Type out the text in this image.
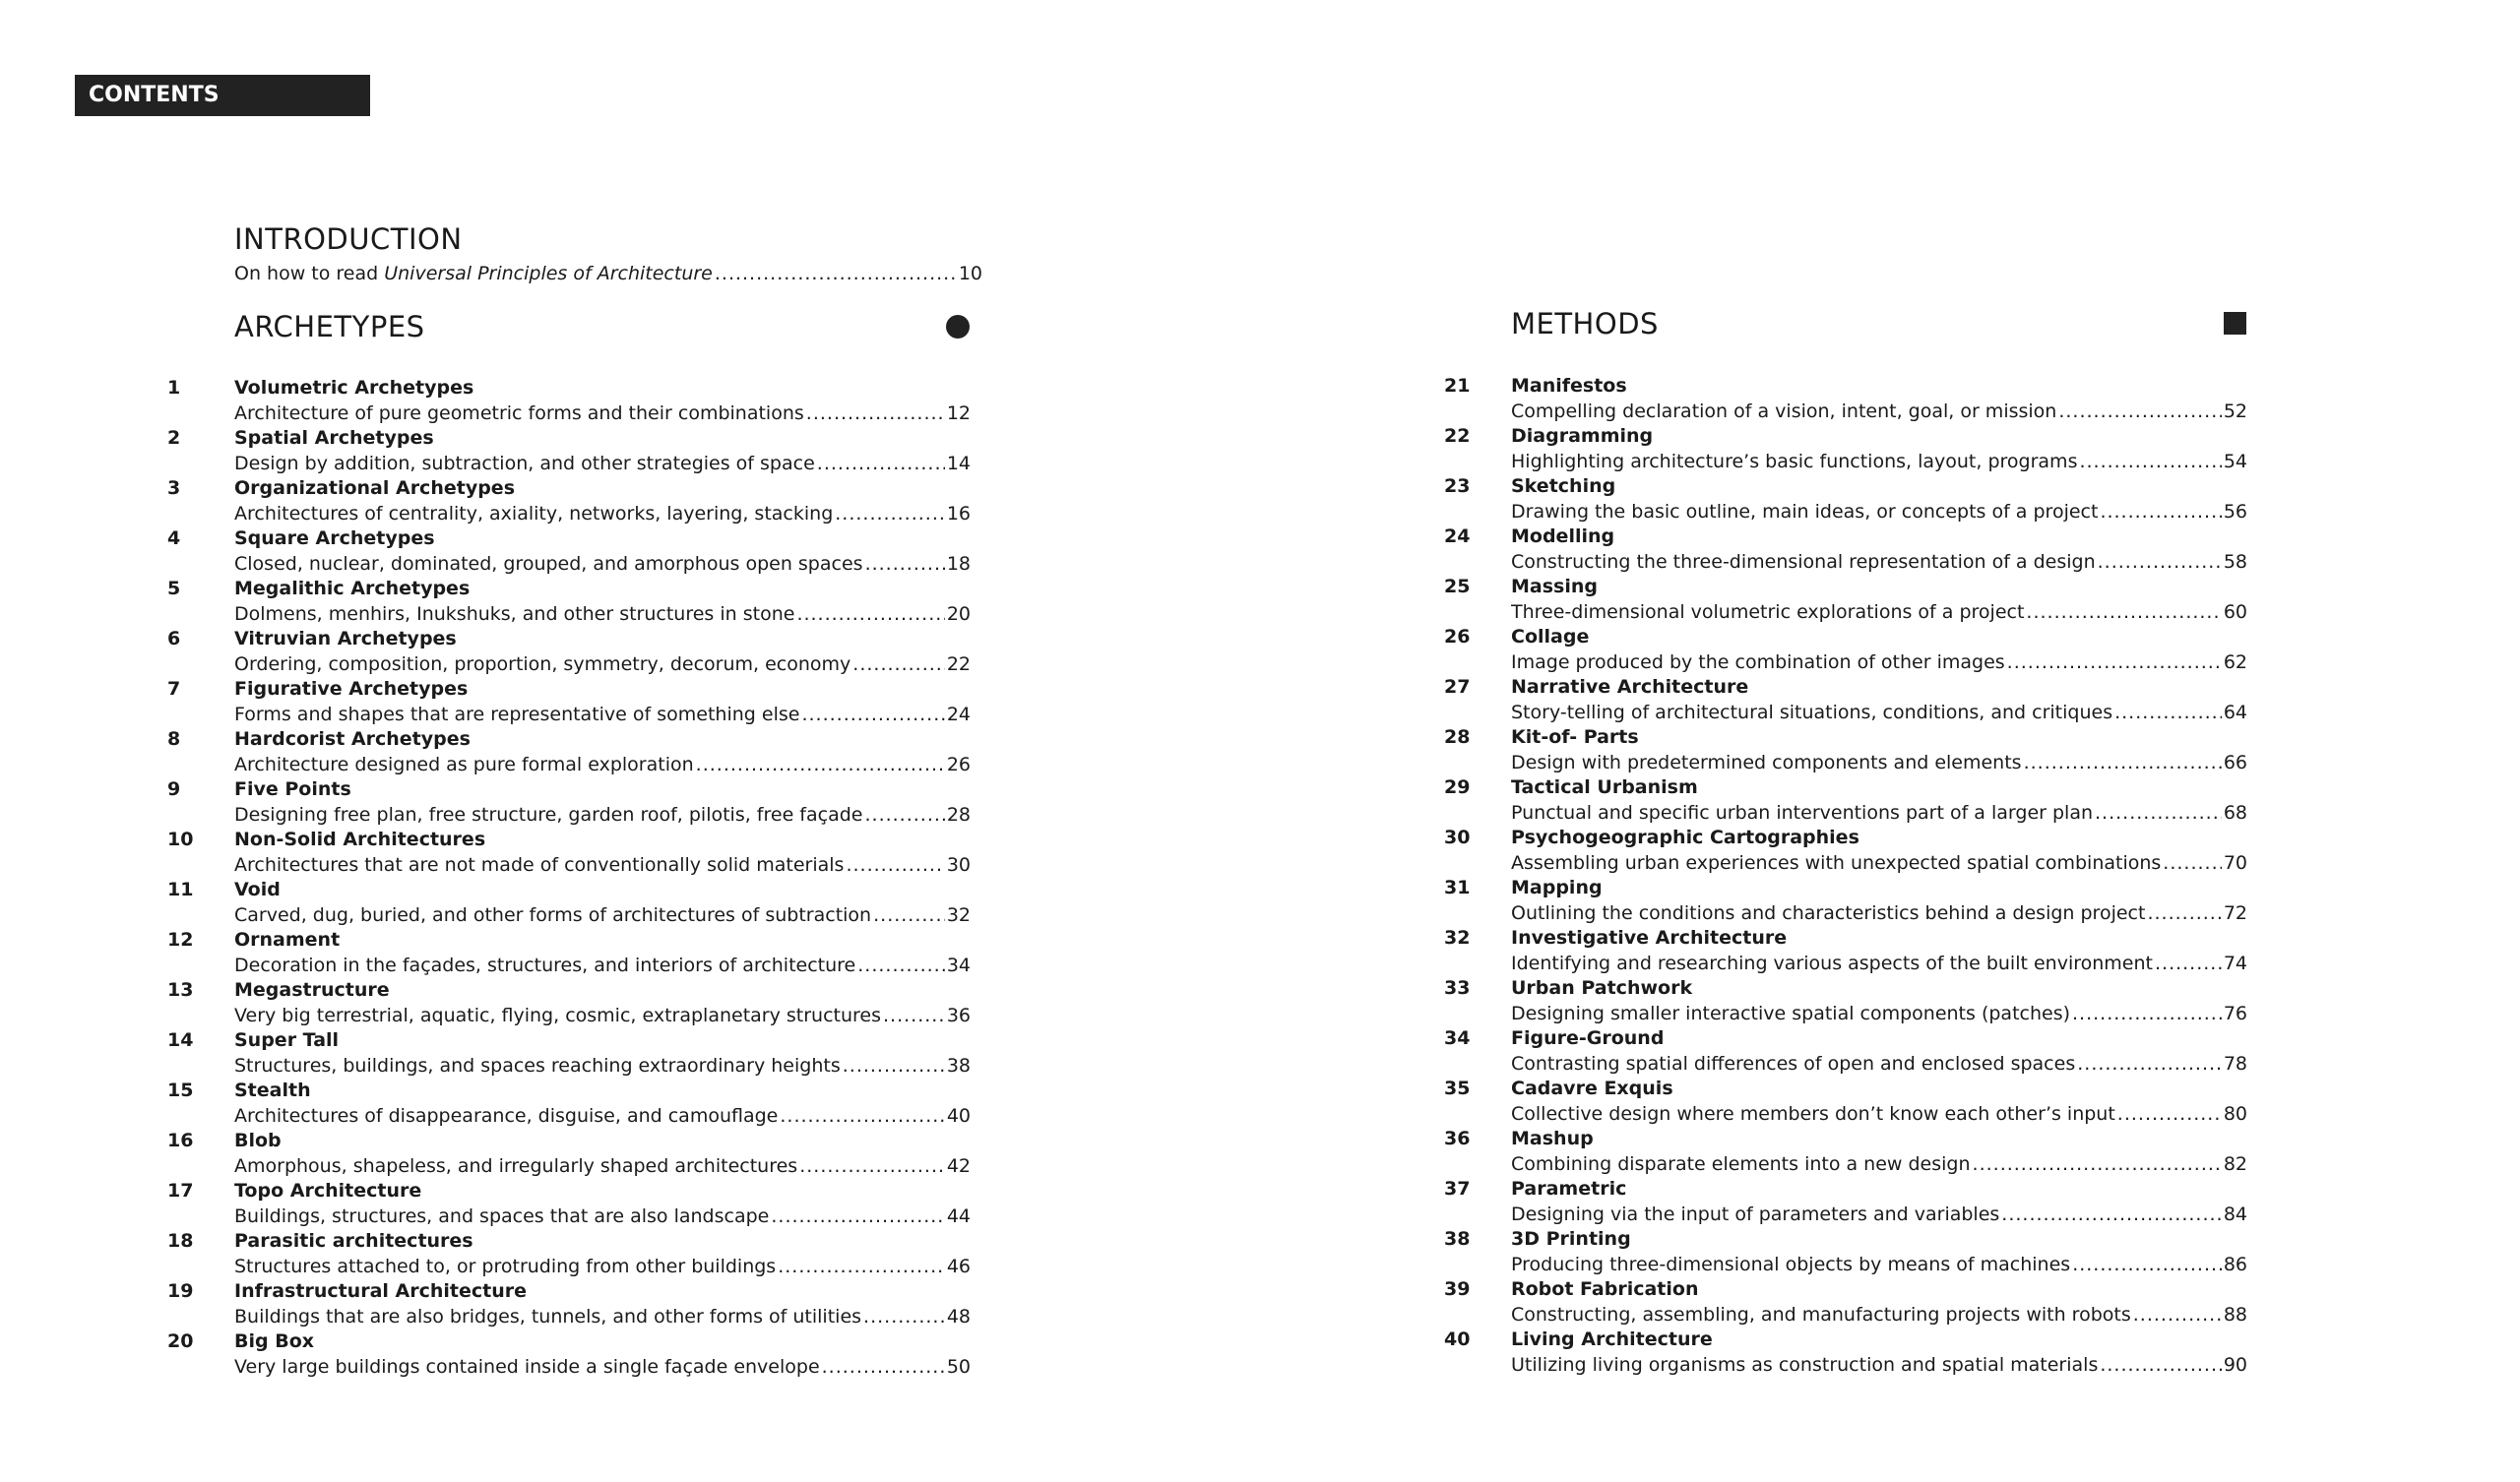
CONTENTS
INTRODUCTION
On how to read Universal Principles of Architecture .....	10
ARCHETYPES
1	Volumetric Archetypes
Architecture of pure geometric forms and their combinations .....	12
2	Spatial Archetypes
Design by addition, subtraction, and other strategies of space .....	14
3	Organizational Archetypes
Architectures of centrality, axiality, networks, layering, stacking .....	16
4	Square Archetypes
Closed, nuclear, dominated, grouped, and amorphous open spaces .....	18
5	Megalithic Archetypes
Dolmens, menhirs, Inukshuks, and other structures in stone .....	20
6	Vitruvian Archetypes
Ordering, composition, proportion, symmetry, decorum, economy .....	22
7	Figurative Archetypes
Forms and shapes that are representative of something else .....	24
8	Hardcorist Archetypes
Architecture designed as pure formal exploration .....	26
9	Five Points
Designing free plan, free structure, garden roof, pilotis, free façade .....	28
10	Non-Solid Architectures
Architectures that are not made of conventionally solid materials .....	30
11	Void
Carved, dug, buried, and other forms of architectures of subtraction .....	32
12	Ornament
Decoration in the façades, structures, and interiors of architecture .....	34
13	Megastructure
Very big terrestrial, aquatic, flying, cosmic, extraplanetary structures .....	36
14	Super Tall
Structures, buildings, and spaces reaching extraordinary heights .....	38
15	Stealth
Architectures of disappearance, disguise, and camouflage .....	40
16	Blob
Amorphous, shapeless, and irregularly shaped architectures .....	42
17	Topo Architecture
Buildings, structures, and spaces that are also landscape .....	44
18	Parasitic architectures
Structures attached to, or protruding from other buildings .....	46
19	Infrastructural Architecture
Buildings that are also bridges, tunnels, and other forms of utilities .....	48
20	Big Box
Very large buildings contained inside a single façade envelope .....	50
METHODS
21	Manifestos
Compelling declaration of a vision, intent, goal, or mission .....	52
22	Diagramming
Highlighting architecture’s basic functions, layout, programs .....	54
23	Sketching
Drawing the basic outline, main ideas, or concepts of a project .....	56
24	Modelling
Constructing the three-dimensional representation of a design .....	58
25	Massing
Three-dimensional volumetric explorations of a project .....	60
26	Collage
Image produced by the combination of other images .....	62
27	Narrative Architecture
Story-telling of architectural situations, conditions, and critiques .....	64
28	Kit-of- Parts
Design with predetermined components and elements .....	66
29	Tactical Urbanism
Punctual and specific urban interventions part of a larger plan .....	68
30	Psychogeographic Cartographies
Assembling urban experiences with unexpected spatial combinations .....	70
31	Mapping
Outlining the conditions and characteristics behind a design project .....	72
32	Investigative Architecture
Identifying and researching various aspects of the built environment .....	74
33	Urban Patchwork
Designing smaller interactive spatial components (patches) .....	76
34	Figure-Ground
Contrasting spatial differences of open and enclosed spaces .....	78
35	Cadavre Exquis
Collective design where members don’t know each other’s input .....	80
36	Mashup
Combining disparate elements into a new design .....	82
37	Parametric
Designing via the input of parameters and variables .....	84
38	3D Printing
Producing three-dimensional objects by means of machines .....	86
39	Robot Fabrication
Constructing, assembling, and manufacturing projects with robots .....	88
40	Living Architecture
Utilizing living organisms as construction and spatial materials .....	90
